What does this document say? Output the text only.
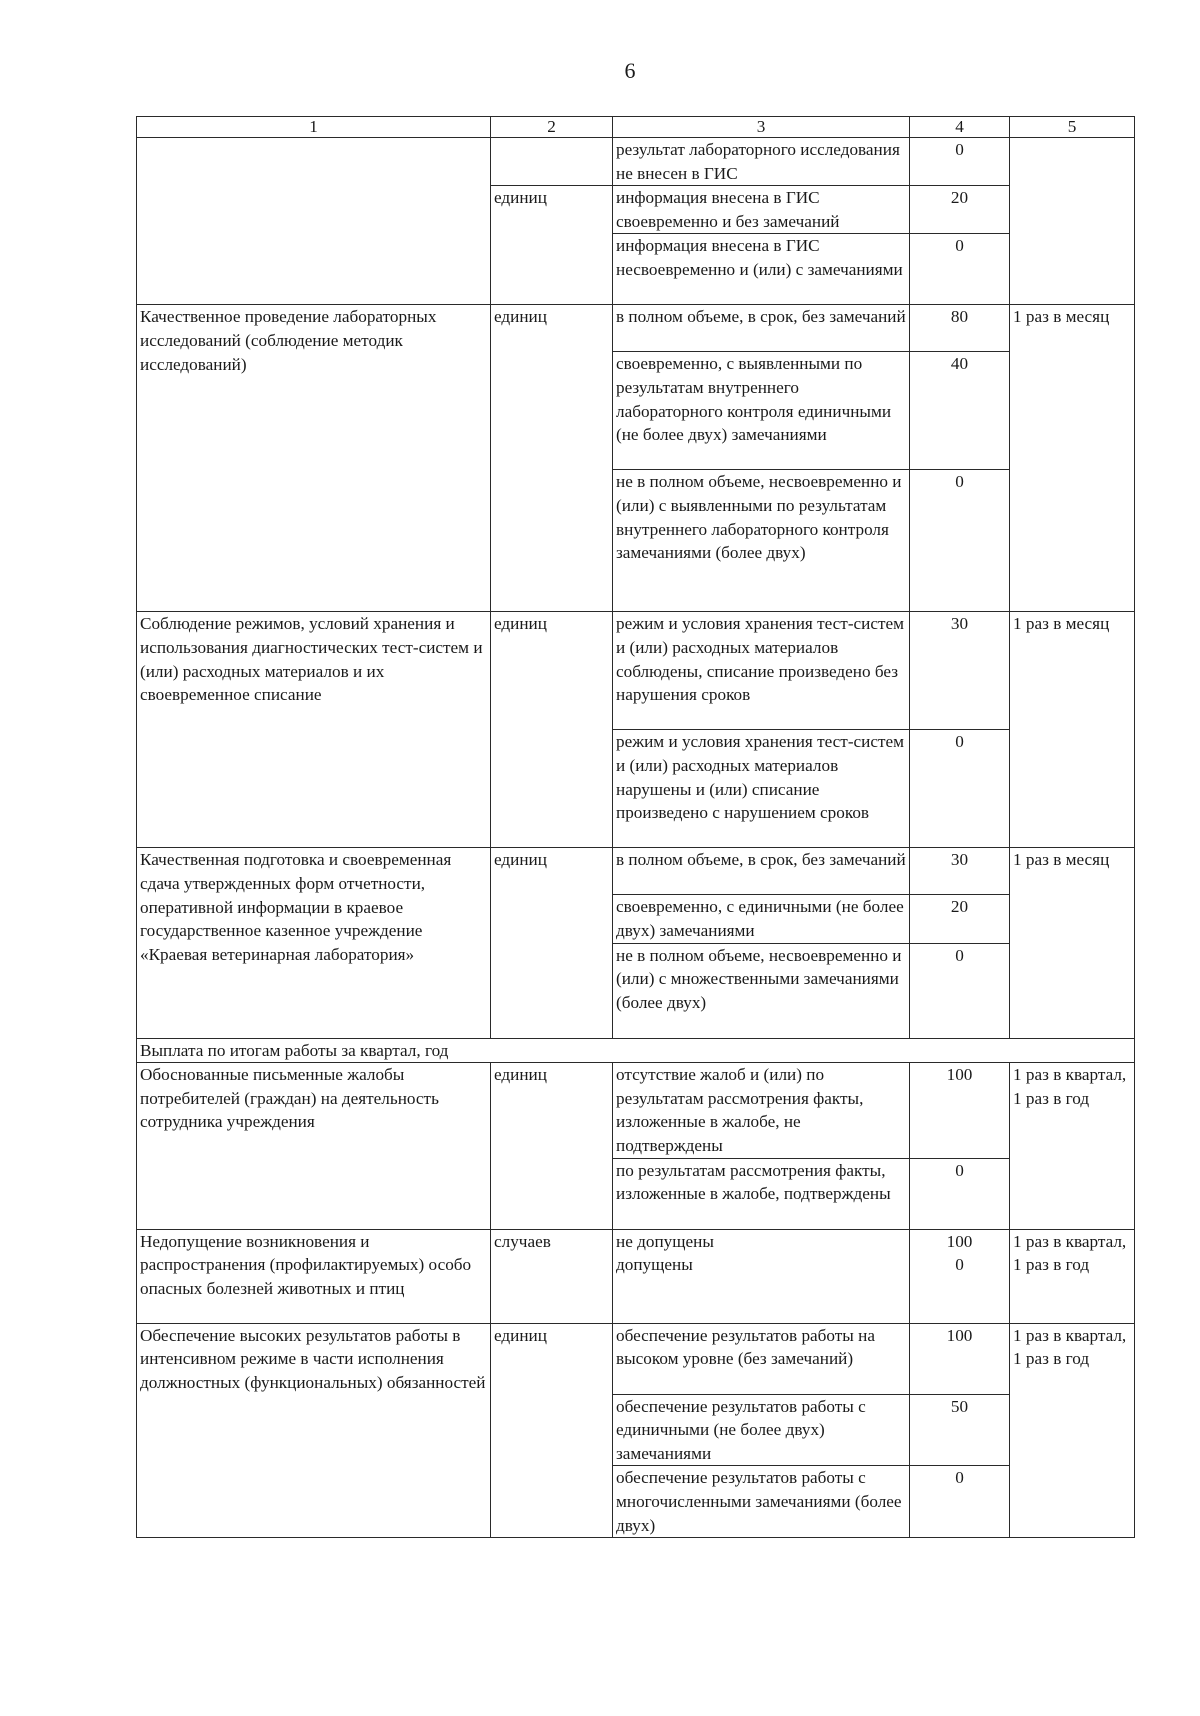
6
1	2	3	4	5
		результат лабораторного исследования не внесен в ГИС	0	
	единиц	информация внесена в ГИС своевременно и без замечаний	20	
		информация внесена в ГИС несвоевременно и (или) с замечаниями	0	
Качественное проведение лабораторных исследований (соблюдение методик исследований)	единиц	в полном объеме, в срок, без замечаний	80	1 раз в месяц
		своевременно, с выявленными по результатам внутреннего лабораторного контроля единичными (не более двух) замечаниями	40	
		не в полном объеме, несвоевременно и (или) с выявленными по результатам внутреннего лабораторного контроля замечаниями (более двух)	0	
Соблюдение режимов, условий хранения и использования диагностических тест-систем и (или) расходных материалов и их своевременное списание	единиц	режим и условия хранения тест-систем и (или) расходных материалов соблюдены, списание произведено без нарушения сроков	30	1 раз в месяц
		режим и условия хранения тест-систем и (или) расходных материалов нарушены и (или) списание произведено с нарушением сроков	0	
Качественная подготовка и своевременная сдача утвержденных форм отчетности, оперативной информации в краевое государственное казенное учреждение «Краевая ветеринарная лаборатория»	единиц	в полном объеме, в срок, без замечаний	30	1 раз в месяц
		своевременно, с единичными (не более двух) замечаниями	20	
		не в полном объеме, несвоевременно и (или) с множественными замечаниями (более двух)	0	
Выплата по итогам работы за квартал, год				
Обоснованные письменные жалобы потребителей (граждан) на деятельность сотрудника учреждения	единиц	отсутствие жалоб и (или) по результатам рассмотрения факты, изложенные в жалобе, не подтверждены	100	1 раз в квартал, 1 раз в год
		по результатам рассмотрения факты, изложенные в жалобе, подтверждены	0	
Недопущение возникновения и распространения (профилактируемых) особо опасных болезней животных и птиц	случаев	не допущены	100	1 раз в квартал, 1 раз в год
		допущены	0	
Обеспечение высоких результатов работы в интенсивном режиме в части исполнения должностных (функциональных) обязанностей	единиц	обеспечение результатов работы на высоком уровне (без замечаний)	100	1 раз в квартал, 1 раз в год
		обеспечение результатов работы с единичными (не более двух) замечаниями	50	
		обеспечение результатов работы с многочисленными замечаниями (более двух)	0	
